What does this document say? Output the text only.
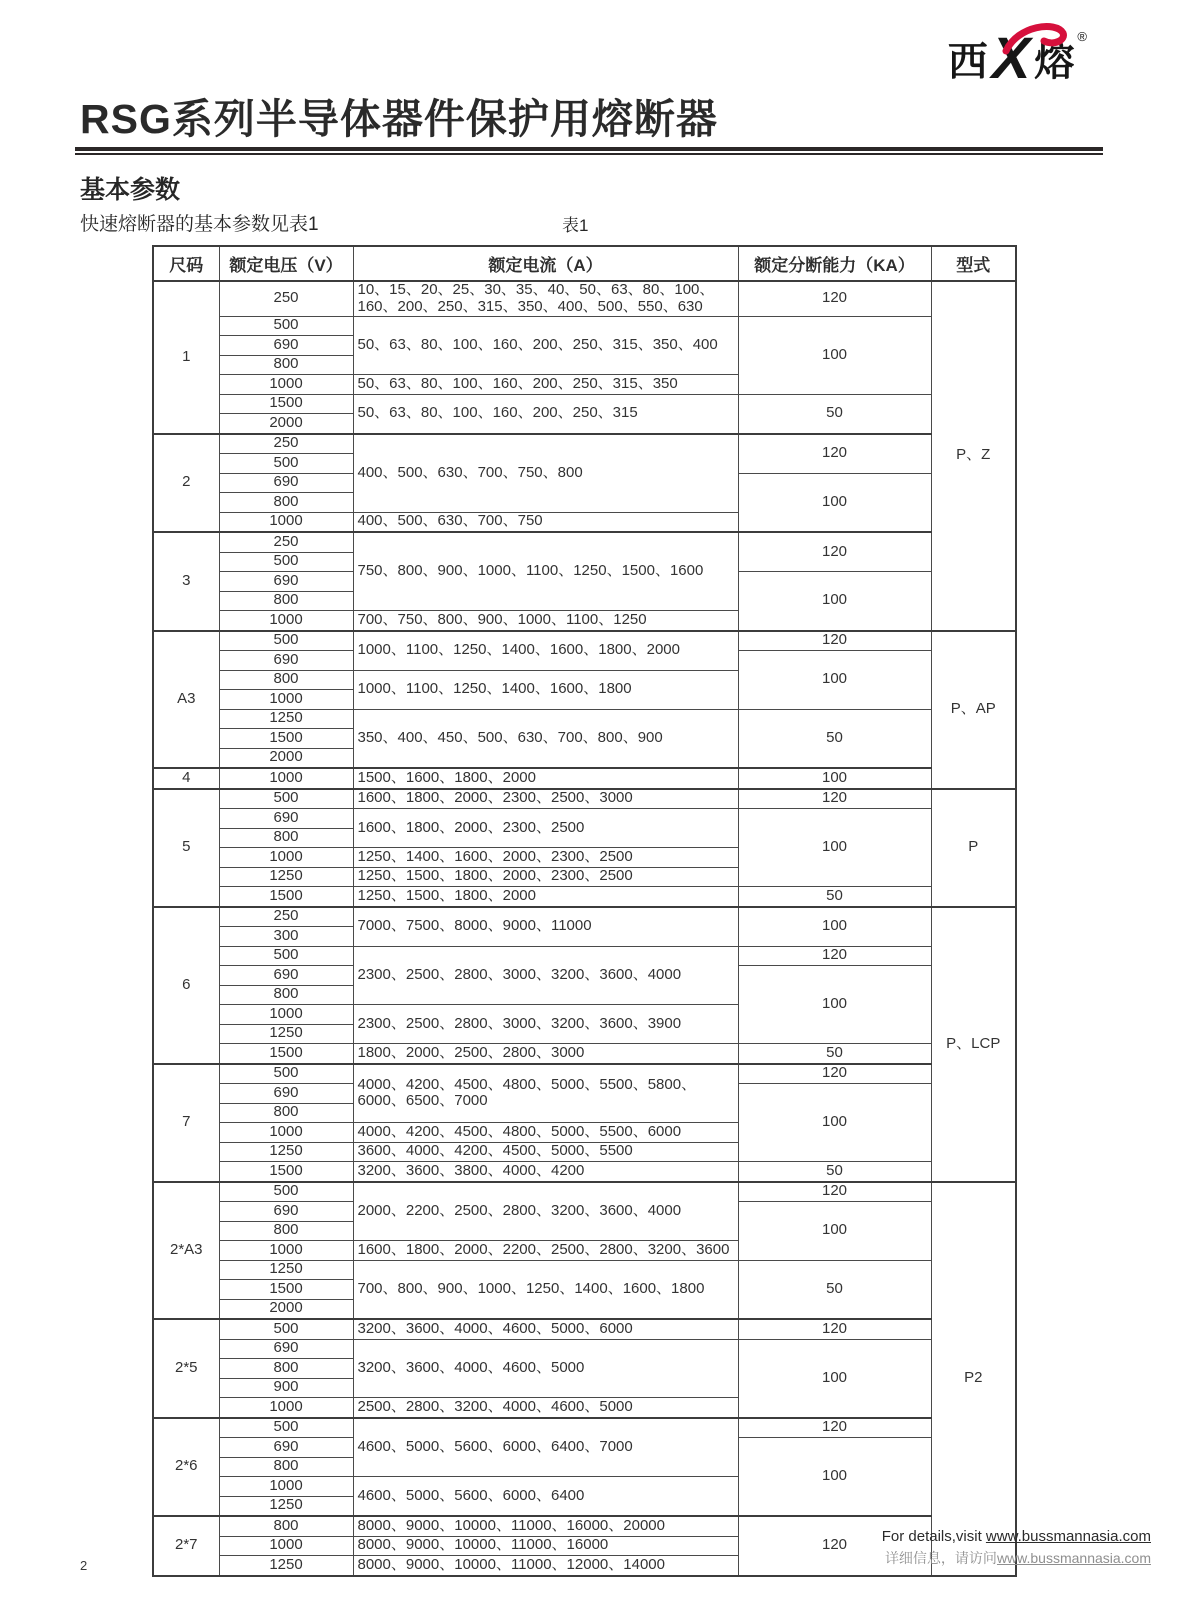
西 X 熔
®
RSG系列半导体器件保护用熔断器
基本参数
快速熔断器的基本参数见表1	表1
尺码	额定电压（V）	额定电流（A）	额定分断能力（KA）	型式
1	250	10、15、20、25、30、35、40、50、63、80、100、160、200、250、315、350、400、500、550、630	120	P、Z
	500	50、63、80、100、160、200、250、315、350、400	100	
	690			
	800			
	1000	50、63、80、100、160、200、250、315、350		
	1500	50、63、80、100、160、200、250、315	50	
	2000			
2	250	400、500、630、700、750、800	120	
	500			
	690		100	
	800			
	1000	400、500、630、700、750		
3	250	750、800、900、1000、1100、1250、1500、1600	120	
	500			
	690		100	
	800			
	1000	700、750、800、900、1000、1100、1250		
A3	500	1000、1100、1250、1400、1600、1800、2000	120	P、AP
	690		100	
	800	1000、1100、1250、1400、1600、1800		
	1000			
	1250	350、400、450、500、630、700、800、900	50	
	1500			
	2000			
4	1000	1500、1600、1800、2000	100	
5	500	1600、1800、2000、2300、2500、3000	120	P
	690	1600、1800、2000、2300、2500	100	
	800			
	1000	1250、1400、1600、2000、2300、2500		
	1250	1250、1500、1800、2000、2300、2500		
	1500	1250、1500、1800、2000	50	
6	250	7000、7500、8000、9000、11000	100	P、LCP
	300			
	500	2300、2500、2800、3000、3200、3600、4000	120	
	690		100	
	800			
	1000	2300、2500、2800、3000、3200、3600、3900		
	1250			
	1500	1800、2000、2500、2800、3000	50	
7	500	4000、4200、4500、4800、5000、5500、5800、6000、6500、7000	120	
	690		100	
	800			
	1000	4000、4200、4500、4800、5000、5500、6000		
	1250	3600、4000、4200、4500、5000、5500		
	1500	3200、3600、3800、4000、4200	50	
2*A3	500	2000、2200、2500、2800、3200、3600、4000	120	P2
	690		100	
	800			
	1000	1600、1800、2000、2200、2500、2800、3200、3600		
	1250	700、800、900、1000、1250、1400、1600、1800	50	
	1500			
	2000			
2*5	500	3200、3600、4000、4600、5000、6000	120	
	690	3200、3600、4000、4600、5000	100	
	800			
	900			
	1000	2500、2800、3200、4000、4600、5000		
2*6	500	4600、5000、5600、6000、6400、7000	120	
	690		100	
	800			
	1000	4600、5000、5600、6000、6400		
	1250			
2*7	800	8000、9000、10000、11000、16000、20000	120	
	1000	8000、9000、10000、11000、16000		
	1250	8000、9000、10000、11000、12000、14000		
For details,visit www.bussmannasia.com
详细信息，请访问www.bussmannasia.com
2
